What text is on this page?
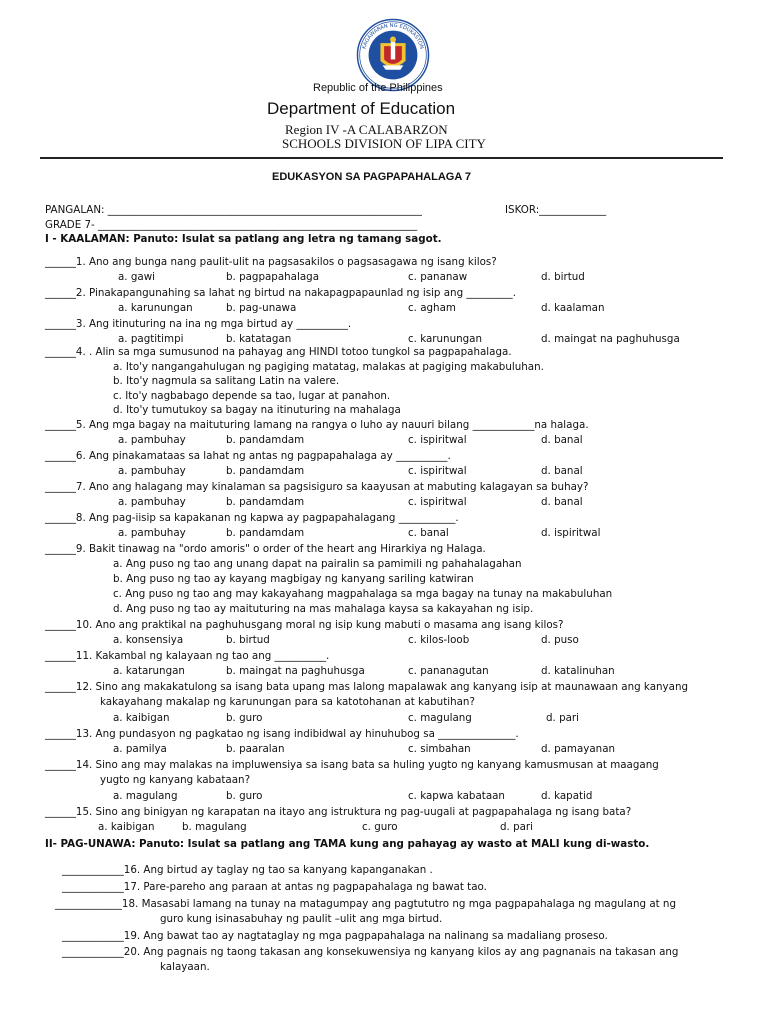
KAGAWARAN NG EDUKASYON
REPUBLIKA NG PILIPINAS
Republic of the Philippines
Department of Education
Region IV -A CALABARZON
SCHOOLS DIVISION OF LIPA CITY
EDUKASYON SA PAGPAPAHALAGA 7
PANGALAN: _____________________________________________________________	ISKOR:_____________
GRADE 7- ______________________________________________________________
I - KAALAMAN: Panuto: Isulat sa patlang ang letra ng tamang sagot.
______1. Ano ang bunga nang paulit-ulit na pagsasakilos o pagsasagawa ng isang kilos?
a. gawi	b. pagpapahalaga	c. pananaw	d. birtud
______2. Pinakapangunahing sa lahat ng birtud na nakapagpapaunlad ng isip ang _________.
a. karunungan	b. pag-unawa	c. agham	d. kaalaman
______3. Ang itinuturing na ina ng mga birtud ay __________.
a. pagtitimpi	b. katatagan	c. karunungan	d. maingat na paghuhusga
______4. . Alin sa mga sumusunod na pahayag ang HINDI totoo tungkol sa pagpapahalaga.
a. Ito'y nangangahulugan ng pagiging matatag, malakas at pagiging makabuluhan.
b. Ito'y nagmula sa salitang Latin na valere.
c. Ito'y nagbabago depende sa tao, lugar at panahon.
d. Ito'y tumutukoy sa bagay na itinuturing na mahalaga
______5. Ang mga bagay na maituturing lamang na rangya o luho ay nauuri bilang ____________na halaga.
a. pambuhay	b. pandamdam	c. ispiritwal	d. banal
______6. Ang pinakamataas sa lahat ng antas ng pagpapahalaga ay __________.
a. pambuhay	b. pandamdam	c. ispiritwal	d. banal
______7. Ano ang halagang may kinalaman sa pagsisiguro sa kaayusan at mabuting kalagayan sa buhay?
a. pambuhay	b. pandamdam	c. ispiritwal	d. banal
______8. Ang pag-iisip sa kapakanan ng kapwa ay pagpapahalagang ___________.
a. pambuhay	b. pandamdam	c. banal	d. ispiritwal
______9. Bakit tinawag na "ordo amoris" o order of the heart ang Hirarkiya ng Halaga.
a. Ang puso ng tao ang unang dapat na pairalin sa pamimili ng pahahalagahan
b. Ang puso ng tao ay kayang magbigay ng kanyang sariling katwiran
c. Ang puso ng tao ang may kakayahang magpahalaga sa mga bagay na tunay na makabuluhan
d. Ang puso ng tao ay maituturing na mas mahalaga kaysa sa kakayahan ng isip.
______10. Ano ang praktikal na paghuhusgang moral ng isip kung mabuti o masama ang isang kilos?
a. konsensiya	b. birtud	c. kilos-loob	d. puso
______11. Kakambal ng kalayaan ng tao ang __________.
a. katarungan	b. maingat na paghuhusga	c. pananagutan	d. katalinuhan
______12. Sino ang makakatulong sa isang bata upang mas lalong mapalawak ang kanyang isip at maunawaan ang kanyang
kakayahang makalap ng karunungan para sa katotohanan at kabutihan?
a. kaibigan	b. guro	c. magulang	d. pari
______13. Ang pundasyon ng pagkatao ng isang indibidwal ay hinuhubog sa _______________.
a. pamilya	b. paaralan	c. simbahan	d. pamayanan
______14. Sino ang may malakas na impluwensiya sa isang bata sa huling yugto ng kanyang kamusmusan at maagang
yugto ng kanyang kabataan?
a. magulang	b. guro	c. kapwa kabataan	d. kapatid
______15. Sino ang binigyan ng karapatan na itayo ang istruktura ng pag-uugali at pagpapahalaga ng isang bata?
a. kaibigan	b. magulang	c. guro	d. pari
II- PAG-UNAWA: Panuto: Isulat sa patlang ang TAMA kung ang pahayag ay wasto at MALI kung di-wasto.
____________16. Ang birtud ay taglay ng tao sa kanyang kapanganakan .
____________17. Pare-pareho ang paraan at antas ng pagpapahalaga ng bawat tao.
_____________18. Masasabi lamang na tunay na matagumpay ang pagtututro ng mga pagpapahalaga ng magulang at ng
guro kung isinasabuhay ng paulit –ulit ang mga birtud.
____________19. Ang bawat tao ay nagtataglay ng mga pagpapahalaga na nalinang sa madaliang proseso.
____________20. Ang pagnais ng taong takasan ang konsekuwensiya ng kanyang kilos ay ang pagnanais na takasan ang
kalayaan.
